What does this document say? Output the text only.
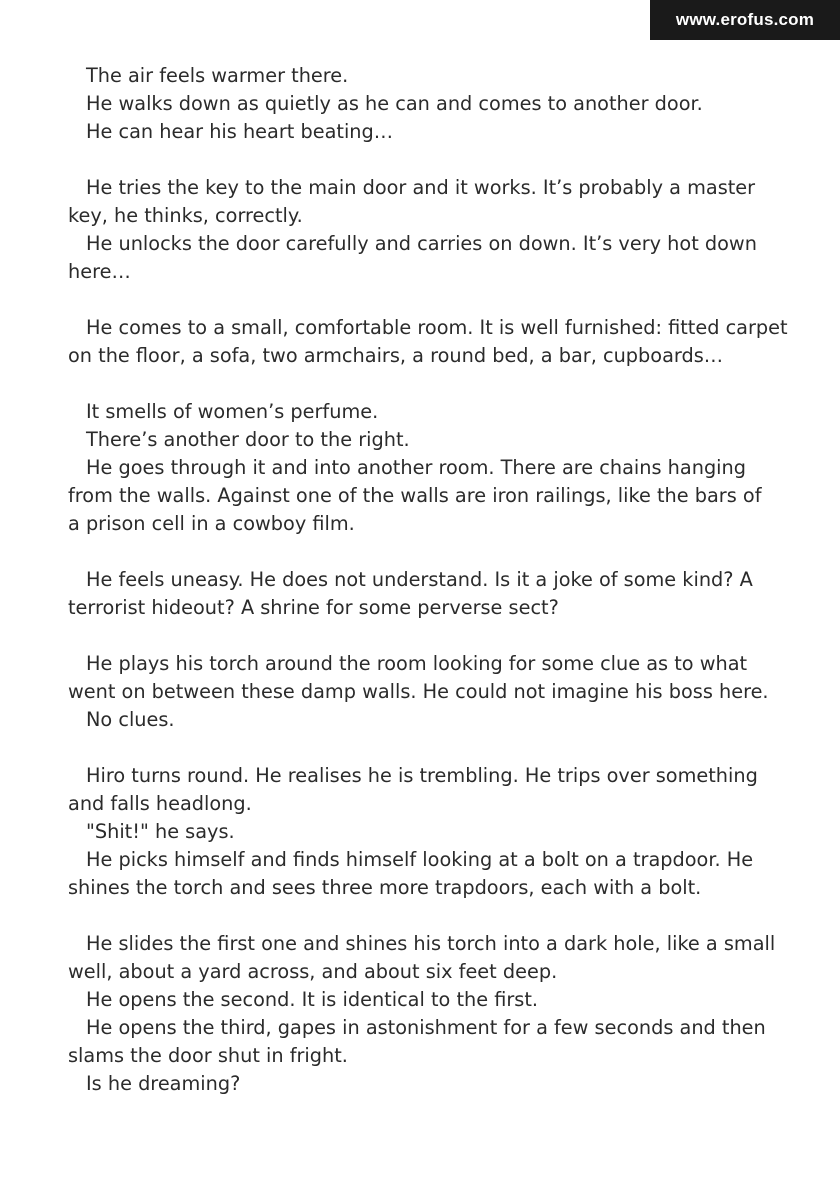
www.erofus.com
The air feels warmer there.
He walks down as quietly as he can and comes to another door.
He can hear his heart beating…
He tries the key to the main door and it works. It’s probably a master
key, he thinks, correctly.
He unlocks the door carefully and carries on down. It’s very hot down
here…
He comes to a small, comfortable room. It is well furnished: fitted carpet
on the floor, a sofa, two armchairs, a round bed, a bar, cupboards…
It smells of women’s perfume.
There’s another door to the right.
He goes through it and into another room. There are chains hanging
from the walls. Against one of the walls are iron railings, like the bars of
a prison cell in a cowboy film.
He feels uneasy. He does not understand. Is it a joke of some kind? A
terrorist hideout? A shrine for some perverse sect?
He plays his torch around the room looking for some clue as to what
went on between these damp walls. He could not imagine his boss here.
No clues.
Hiro turns round. He realises he is trembling. He trips over something
and falls headlong.
"Shit!" he says.
He picks himself and finds himself looking at a bolt on a trapdoor. He
shines the torch and sees three more trapdoors, each with a bolt.
He slides the first one and shines his torch into a dark hole, like a small
well, about a yard across, and about six feet deep.
He opens the second. It is identical to the first.
He opens the third, gapes in astonishment for a few seconds and then
slams the door shut in fright.
Is he dreaming?
